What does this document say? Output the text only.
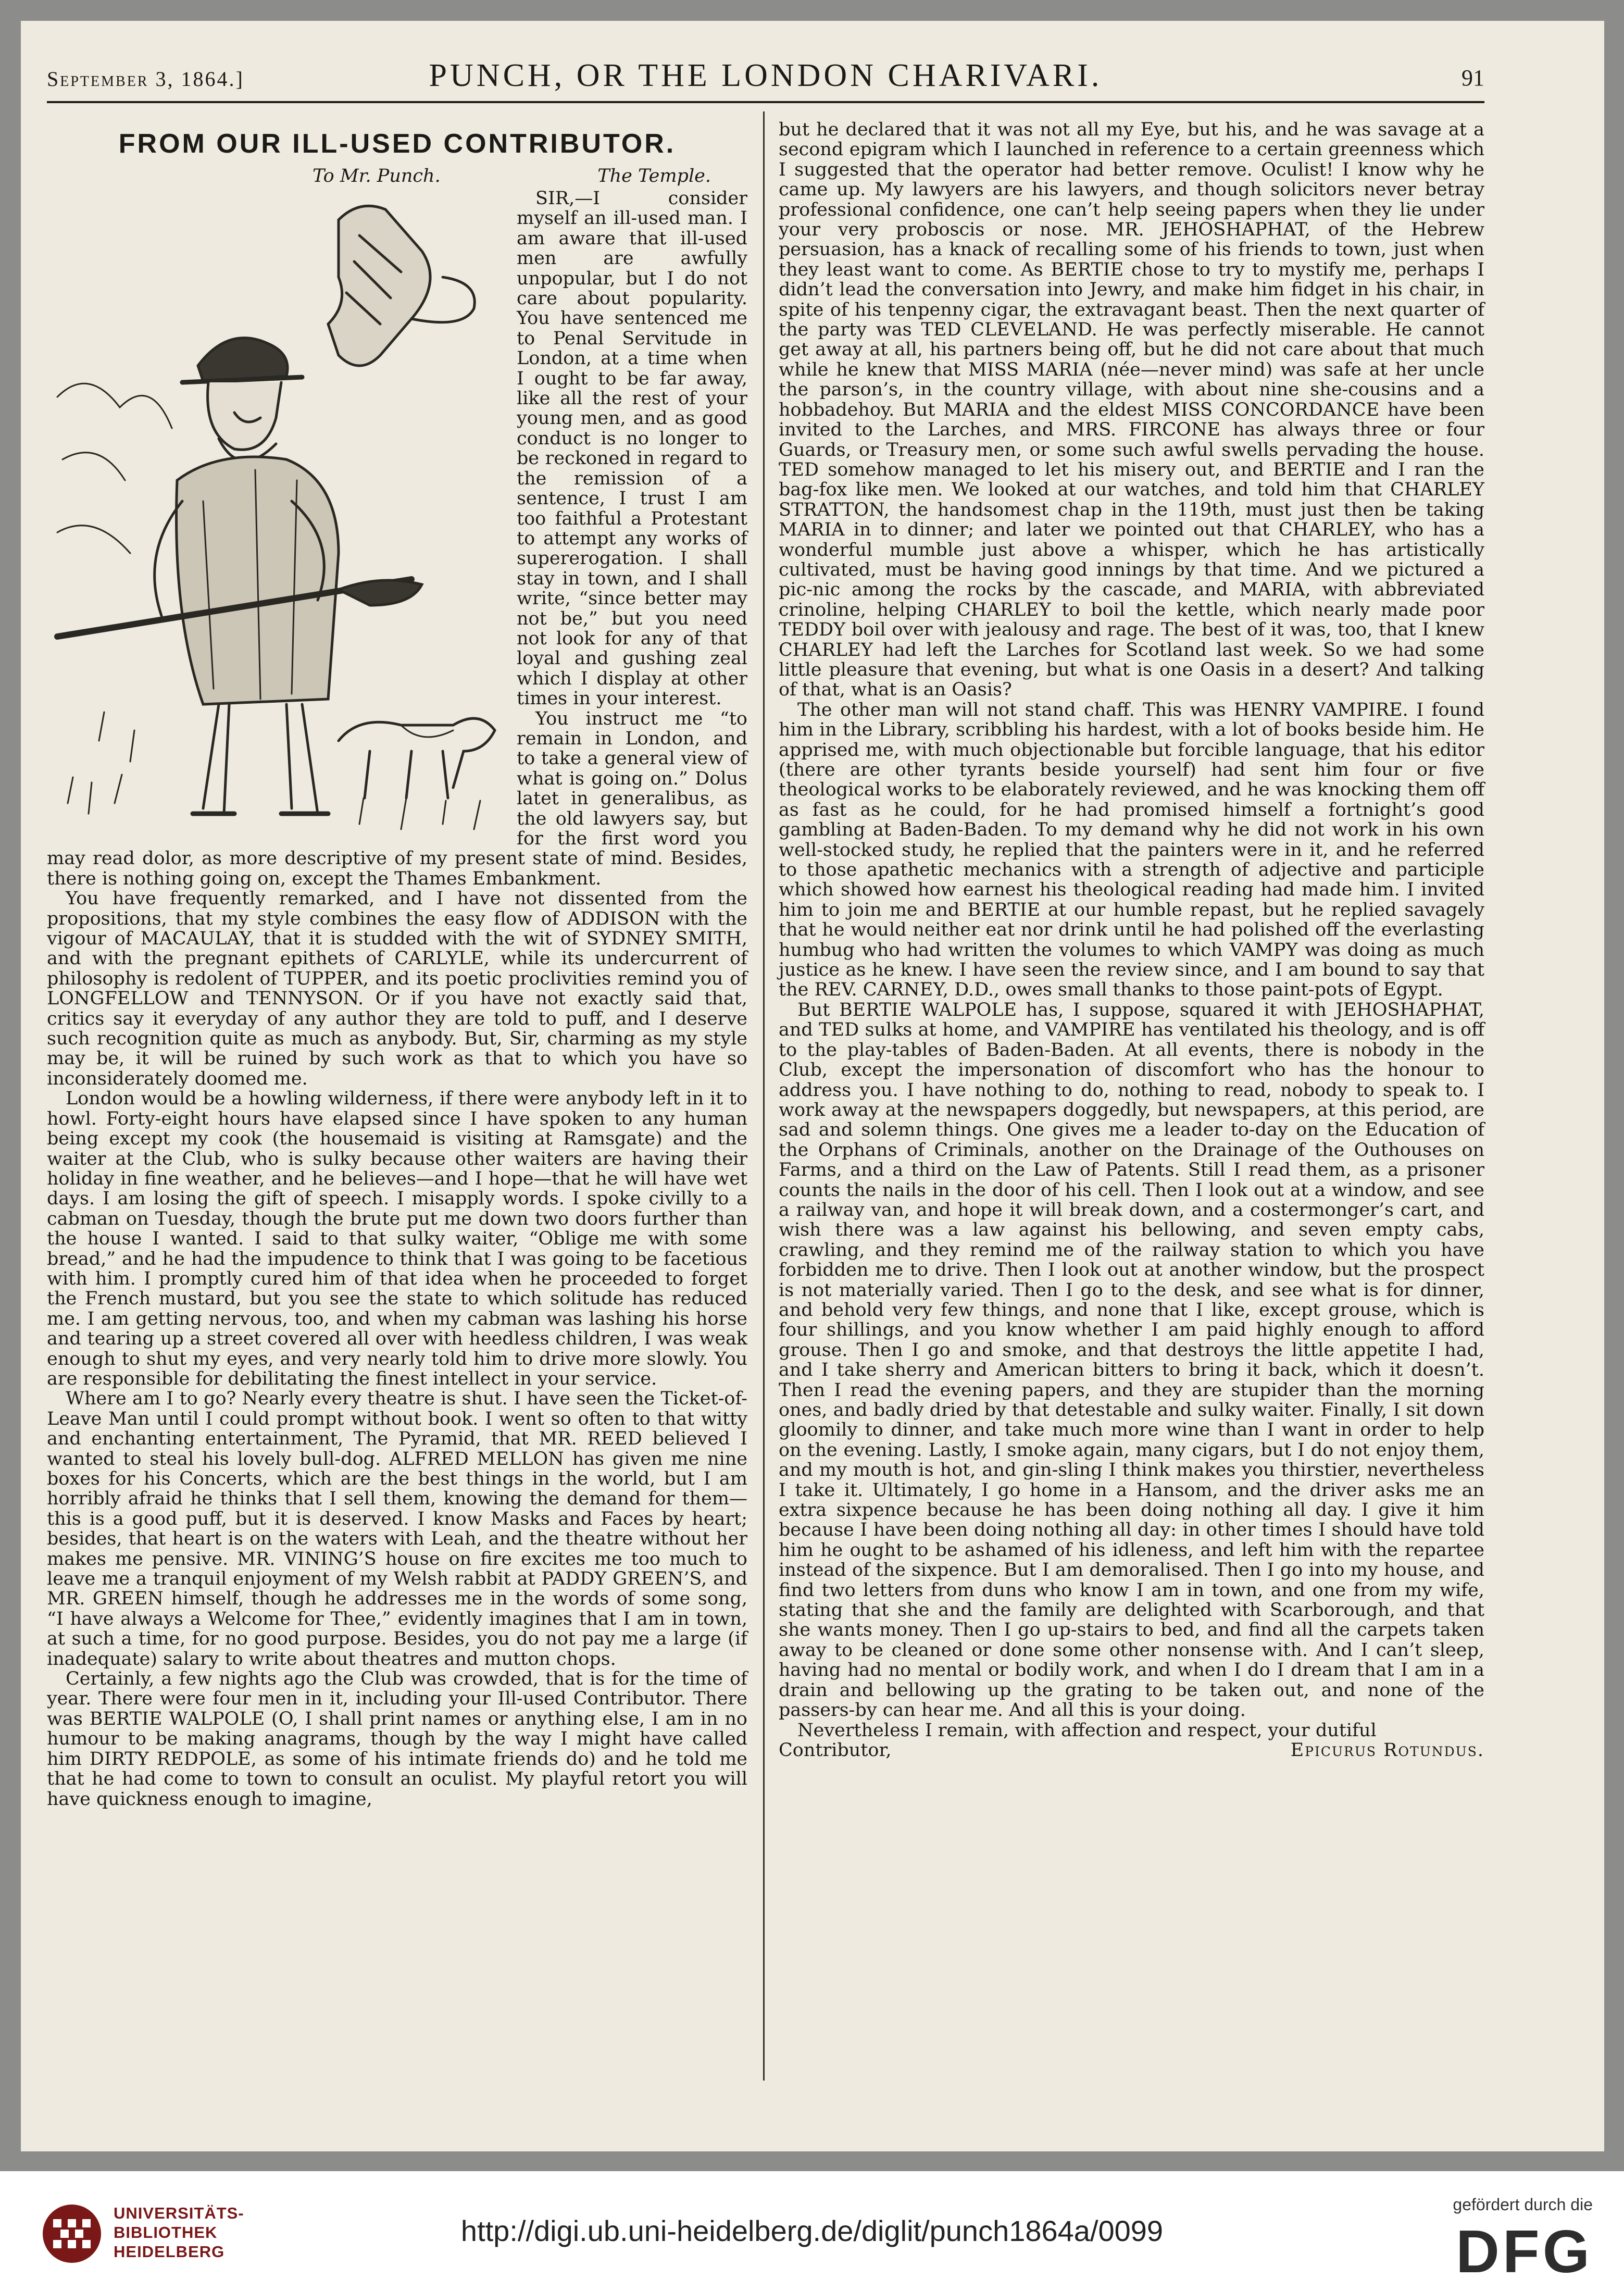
September 3, 1864.]	PUNCH, OR THE LONDON CHARIVARI.	91
FROM OUR ILL-USED CONTRIBUTOR.
To Mr. Punch.	The Temple.

SIR,—I consider myself an ill-used man. I am aware that ill-used men are awfully unpopular, but I do not care about popularity. You have sentenced me to Penal Servitude in London, at a time when I ought to be far away, like all the rest of your young men, and as good conduct is no longer to be reckoned in regard to the remission of a sentence, I trust I am too faithful a Protestant to attempt any works of supererogation. I shall stay in town, and I shall write, “since better may not be,” but you need not look for any of that loyal and gushing zeal which I display at other times in your interest.

You instruct me “to remain in London, and to take a general view of what is going on.” Dolus latet in generalibus, as the old lawyers say, but for the first word you may read dolor, as more descriptive of my present state of mind. Besides, there is nothing going on, except the Thames Embankment.

You have frequently remarked, and I have not dissented from the propositions, that my style combines the easy flow of ADDISON with the vigour of MACAULAY, that it is studded with the wit of SYDNEY SMITH, and with the pregnant epithets of CARLYLE, while its undercurrent of philosophy is redolent of TUPPER, and its poetic proclivities remind you of LONGFELLOW and TENNYSON. Or if you have not exactly said that, critics say it everyday of any author they are told to puff, and I deserve such recognition quite as much as anybody. But, Sir, charming as my style may be, it will be ruined by such work as that to which you have so inconsiderately doomed me.

London would be a howling wilderness, if there were anybody left in it to howl. Forty-eight hours have elapsed since I have spoken to any human being except my cook (the housemaid is visiting at Ramsgate) and the waiter at the Club, who is sulky because other waiters are having their holiday in fine weather, and he believes—and I hope—that he will have wet days. I am losing the gift of speech. I misapply words. I spoke civilly to a cabman on Tuesday, though the brute put me down two doors further than the house I wanted. I said to that sulky waiter, “Oblige me with some bread,” and he had the impudence to think that I was going to be facetious with him. I promptly cured him of that idea when he proceeded to forget the French mustard, but you see the state to which solitude has reduced me. I am getting nervous, too, and when my cabman was lashing his horse and tearing up a street covered all over with heedless children, I was weak enough to shut my eyes, and very nearly told him to drive more slowly. You are responsible for debilitating the finest intellect in your service.

Where am I to go? Nearly every theatre is shut. I have seen the Ticket-of-Leave Man until I could prompt without book. I went so often to that witty and enchanting entertainment, The Pyramid, that MR. REED believed I wanted to steal his lovely bull-dog. ALFRED MELLON has given me nine boxes for his Concerts, which are the best things in the world, but I am horribly afraid he thinks that I sell them, knowing the demand for them—this is a good puff, but it is deserved. I know Masks and Faces by heart; besides, that heart is on the waters with Leah, and the theatre without her makes me pensive. MR. VINING’S house on fire excites me too much to leave me a tranquil enjoyment of my Welsh rabbit at PADDY GREEN’S, and MR. GREEN himself, though he addresses me in the words of some song, “I have always a Welcome for Thee,” evidently imagines that I am in town, at such a time, for no good purpose. Besides, you do not pay me a large (if inadequate) salary to write about theatres and mutton chops.

Certainly, a few nights ago the Club was crowded, that is for the time of year. There were four men in it, including your Ill-used Contributor. There was BERTIE WALPOLE (O, I shall print names or anything else, I am in no humour to be making anagrams, though by the way I might have called him DIRTY REDPOLE, as some of his intimate friends do) and he told me that he had come to town to consult an oculist. My playful retort you will have quickness enough to imagine,

but he declared that it was not all my Eye, but his, and he was savage at a second epigram which I launched in reference to a certain greenness which I suggested that the operator had better remove. Oculist! I know why he came up. My lawyers are his lawyers, and though solicitors never betray professional confidence, one can’t help seeing papers when they lie under your very proboscis or nose. MR. JEHOSHAPHAT, of the Hebrew persuasion, has a knack of recalling some of his friends to town, just when they least want to come. As BERTIE chose to try to mystify me, perhaps I didn’t lead the conversation into Jewry, and make him fidget in his chair, in spite of his tenpenny cigar, the extravagant beast. Then the next quarter of the party was TED CLEVELAND. He was perfectly miserable. He cannot get away at all, his partners being off, but he did not care about that much while he knew that MISS MARIA (née—never mind) was safe at her uncle the parson’s, in the country village, with about nine she-cousins and a hobbadehoy. But MARIA and the eldest MISS CONCORDANCE have been invited to the Larches, and MRS. FIRCONE has always three or four Guards, or Treasury men, or some such awful swells pervading the house. TED somehow managed to let his misery out, and BERTIE and I ran the bag-fox like men. We looked at our watches, and told him that CHARLEY STRATTON, the handsomest chap in the 119th, must just then be taking MARIA in to dinner; and later we pointed out that CHARLEY, who has a wonderful mumble just above a whisper, which he has artistically cultivated, must be having good innings by that time. And we pictured a pic-nic among the rocks by the cascade, and MARIA, with abbreviated crinoline, helping CHARLEY to boil the kettle, which nearly made poor TEDDY boil over with jealousy and rage. The best of it was, too, that I knew CHARLEY had left the Larches for Scotland last week. So we had some little pleasure that evening, but what is one Oasis in a desert? And talking of that, what is an Oasis?

The other man will not stand chaff. This was HENRY VAMPIRE. I found him in the Library, scribbling his hardest, with a lot of books beside him. He apprised me, with much objectionable but forcible language, that his editor (there are other tyrants beside yourself) had sent him four or five theological works to be elaborately reviewed, and he was knocking them off as fast as he could, for he had promised himself a fortnight’s good gambling at Baden-Baden. To my demand why he did not work in his own well-stocked study, he replied that the painters were in it, and he referred to those apathetic mechanics with a strength of adjective and participle which showed how earnest his theological reading had made him. I invited him to join me and BERTIE at our humble repast, but he replied savagely that he would neither eat nor drink until he had polished off the everlasting humbug who had written the volumes to which VAMPY was doing as much justice as he knew. I have seen the review since, and I am bound to say that the REV. CARNEY, D.D., owes small thanks to those paint-pots of Egypt.

But BERTIE WALPOLE has, I suppose, squared it with JEHOSHAPHAT, and TED sulks at home, and VAMPIRE has ventilated his theology, and is off to the play-tables of Baden-Baden. At all events, there is nobody in the Club, except the impersonation of discomfort who has the honour to address you. I have nothing to do, nothing to read, nobody to speak to. I work away at the newspapers doggedly, but newspapers, at this period, are sad and solemn things. One gives me a leader to-day on the Education of the Orphans of Criminals, another on the Drainage of the Outhouses on Farms, and a third on the Law of Patents. Still I read them, as a prisoner counts the nails in the door of his cell. Then I look out at a window, and see a railway van, and hope it will break down, and a costermonger’s cart, and wish there was a law against his bellowing, and seven empty cabs, crawling, and they remind me of the railway station to which you have forbidden me to drive. Then I look out at another window, but the prospect is not materially varied. Then I go to the desk, and see what is for dinner, and behold very few things, and none that I like, except grouse, which is four shillings, and you know whether I am paid highly enough to afford grouse. Then I go and smoke, and that destroys the little appetite I had, and I take sherry and American bitters to bring it back, which it doesn’t. Then I read the evening papers, and they are stupider than the morning ones, and badly dried by that detestable and sulky waiter. Finally, I sit down gloomily to dinner, and take much more wine than I want in order to help on the evening. Lastly, I smoke again, many cigars, but I do not enjoy them, and my mouth is hot, and gin-sling I think makes you thirstier, nevertheless I take it. Ultimately, I go home in a Hansom, and the driver asks me an extra sixpence because he has been doing nothing all day. I give it him because I have been doing nothing all day: in other times I should have told him he ought to be ashamed of his idleness, and left him with the repartee instead of the sixpence. But I am demoralised. Then I go into my house, and find two letters from duns who know I am in town, and one from my wife, stating that she and the family are delighted with Scarborough, and that she wants money. Then I go up-stairs to bed, and find all the carpets taken away to be cleaned or done some other nonsense with. And I can’t sleep, having had no mental or bodily work, and when I do I dream that I am in a drain and bellowing up the grating to be taken out, and none of the passers-by can hear me. And all this is your doing.

Nevertheless I remain, with affection and respect, your dutiful

Contributor,	Epicurus Rotundus.
UNIVERSITÄTS-
BIBLIOTHEK
HEIDELBERG
http://digi.ub.uni-heidelberg.de/diglit/punch1864a/0099
gefördert durch die
DFG
